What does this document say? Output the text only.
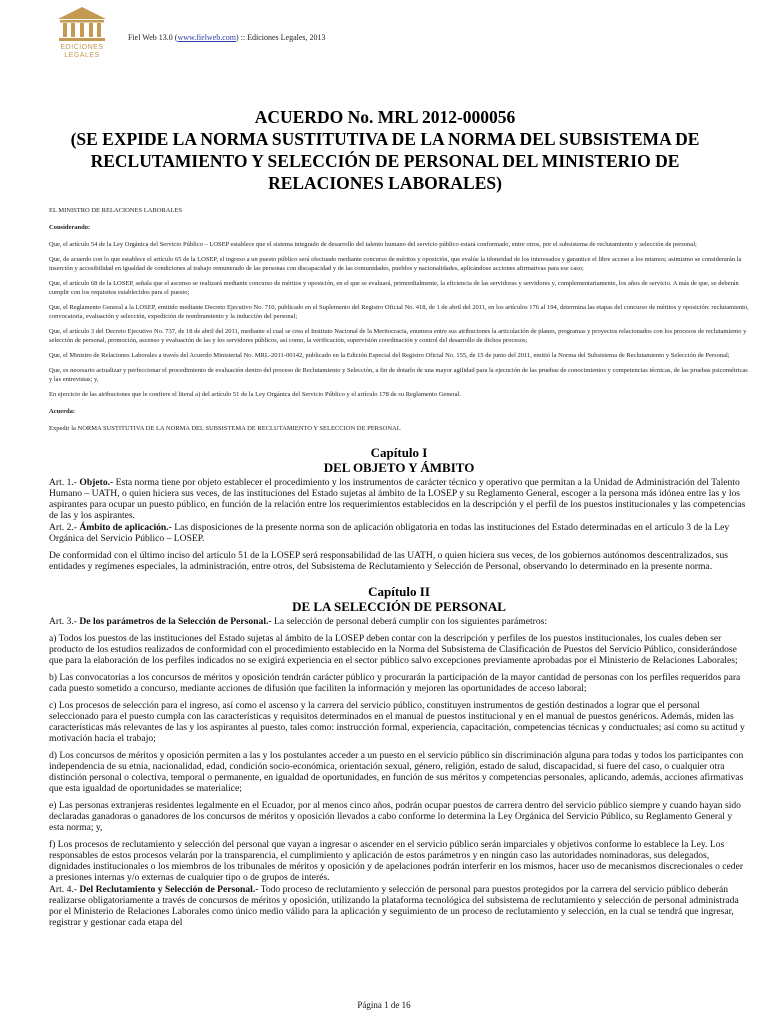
EDICIONES
LEGALES
Fiel Web 13.0 (www.fielweb.com) :: Ediciones Legales, 2013
ACUERDO No. MRL 2012-000056
(SE EXPIDE LA NORMA SUSTITUTIVA DE LA NORMA DEL SUBSISTEMA DE
RECLUTAMIENTO Y SELECCIÓN DE PERSONAL DEL MINISTERIO DE
RELACIONES LABORALES)

EL MINISTRO DE RELACIONES LABORALES

Considerando:

Que, el artículo 54 de la Ley Orgánica del Servicio Público – LOSEP establece que el sistema integrado de desarrollo del talento humano del servicio público estará conformado, entre otros, por el subsistema de reclutamiento y selección de personal;

Que, de acuerdo con lo que establece el artículo 65 de la LOSEP, el ingreso a un puesto público será efectuado mediante concurso de méritos y oposición, que evalúe la idoneidad de los interesados y garantice el libre acceso a los mismos; asimismo se considerarán la inserción y accesibilidad en igualdad de condiciones al trabajo remunerado de las personas con discapacidad y de las comunidades, pueblos y nacionalidades, aplicándose acciones afirmativas para ese caso;

Que, el artículo 68 de la LOSEP, señala que el ascenso se realizará mediante concurso de méritos y oposición, en el que se evaluará, primordialmente, la eficiencia de las servidoras y servidores y, complementariamente, los años de servicio. A más de que, se deberán cumplir con los requisitos establecidos para el puesto;

Que, el Reglamento General a la LOSEP, emitido mediante Decreto Ejecutivo No. 710, publicado en el Suplemento del Registro Oficial No. 418, de 1 de abril del 2011, en los artículos 176 al 194, determina las etapas del concurso de méritos y oposición: reclutamiento, convocatoria, evaluación y selección, expedición de nombramiento y la inducción del personal;

Que, el artículo 3 del Decreto Ejecutivo No. 737, de 18 de abril del 2011, mediante el cual se crea el Instituto Nacional de la Meritocracia, enumera entre sus atribuciones la articulación de planes, programas y proyectos relacionados con los procesos de reclutamiento y selección de personal, promoción, ascenso y evaluación de las y los servidores públicos, así como, la verificación, supervisión coordinación y control del desarrollo de dichos procesos;

Que, el Ministro de Relaciones Laborales a través del Acuerdo Ministerial No. MRL-2011-00142, publicado en la Edición Especial del Registro Oficial No. 155, de 15 de junio del 2011, emitió la Norma del Subsistema de Reclutamiento y Selección de Personal;

Que, es necesario actualizar y perfeccionar el procedimiento de evaluación dentro del proceso de Reclutamiento y Selección, a fin de dotarlo de una mayor agilidad para la ejecución de las pruebas de conocimientos y competencias técnicas, de las pruebas psicométricas y las entrevistas; y,

En ejercicio de las atribuciones que le confiere el literal a) del artículo 51 de la Ley Orgánica del Servicio Público y el artículo 178 de su Reglamento General.

Acuerda:

Expedir la NORMA SUSTITUTIVA DE LA NORMA DEL SUBSISTEMA DE RECLUTAMIENTO Y SELECCION DE PERSONAL

Capítulo I
DEL OBJETO Y ÁMBITO

Art. 1.- Objeto.- Esta norma tiene por objeto establecer el procedimiento y los instrumentos de carácter técnico y operativo que permitan a la Unidad de Administración del Talento Humano – UATH, o quien hiciera sus veces, de las instituciones del Estado sujetas al ámbito de la LOSEP y su Reglamento General, escoger a la persona más idónea entre las y los aspirantes para ocupar un puesto público, en función de la relación entre los requerimientos establecidos en la descripción y el perfil de los puestos institucionales y las competencias de las y los aspirantes.

Art. 2.- Ámbito de aplicación.- Las disposiciones de la presente norma son de aplicación obligatoria en todas las instituciones del Estado determinadas en el artículo 3 de la Ley Orgánica del Servicio Público – LOSEP.

De conformidad con el último inciso del artículo 51 de la LOSEP será responsabilidad de las UATH, o quien hiciera sus veces, de los gobiernos autónomos descentralizados, sus entidades y regímenes especiales, la administración, entre otros, del Subsistema de Reclutamiento y Selección de Personal, observando lo determinado en la presente norma.

Capítulo II
DE LA SELECCIÓN DE PERSONAL

Art. 3.- De los parámetros de la Selección de Personal.- La selección de personal deberá cumplir con los siguientes parámetros:

a) Todos los puestos de las instituciones del Estado sujetas al ámbito de la LOSEP deben contar con la descripción y perfiles de los puestos institucionales, los cuales deben ser producto de los estudios realizados de conformidad con el procedimiento establecido en la Norma del Subsistema de Clasificación de Puestos del Servicio Público, considerándose que para la elaboración de los perfiles indicados no se exigirá experiencia en el sector público salvo excepciones previamente aprobadas por el Ministerio de Relaciones Laborales;

b) Las convocatorias a los concursos de méritos y oposición tendrán carácter público y procurarán la participación de la mayor cantidad de personas con los perfiles requeridos para cada puesto sometido a concurso, mediante acciones de difusión que faciliten la información y mejoren las oportunidades de acceso laboral;

c) Los procesos de selección para el ingreso, así como el ascenso y la carrera del servicio público, constituyen instrumentos de gestión destinados a lograr que el personal seleccionado para el puesto cumpla con las características y requisitos determinados en el manual de puestos institucional y en el manual de puestos genéricos. Además, miden las características más relevantes de las y los aspirantes al puesto, tales como: instrucción formal, experiencia, capacitación, competencias técnicas y conductuales; así como su actitud y motivación hacia el trabajo;

d) Los concursos de méritos y oposición permiten a las y los postulantes acceder a un puesto en el servicio público sin discriminación alguna para todas y todos los participantes con independencia de su etnia, nacionalidad, edad, condición socio-económica, orientación sexual, género, religión, estado de salud, discapacidad, si fuere del caso, o cualquier otra distinción personal o colectiva, temporal o permanente, en igualdad de oportunidades, en función de sus méritos y competencias personales, aplicando, además, acciones afirmativas que esta igualdad de oportunidades se materialice;

e) Las personas extranjeras residentes legalmente en el Ecuador, por al menos cinco años, podrán ocupar puestos de carrera dentro del servicio público siempre y cuando hayan sido declaradas ganadoras o ganadores de los concursos de méritos y oposición llevados a cabo conforme lo determina la Ley Orgánica del Servicio Público, su Reglamento General y esta norma; y,

f) Los procesos de reclutamiento y selección del personal que vayan a ingresar o ascender en el servicio público serán imparciales y objetivos conforme lo establece la Ley. Los responsables de estos procesos velarán por la transparencia, el cumplimiento y aplicación de estos parámetros y en ningún caso las autoridades nominadoras, sus delegados, dignidades institucionales o los miembros de los tribunales de méritos y oposición y de apelaciones podrán interferir en los mismos, hacer uso de mecanismos discrecionales o ceder a presiones internas y/o externas de cualquier tipo o de grupos de interés.

Art. 4.- Del Reclutamiento y Selección de Personal.- Todo proceso de reclutamiento y selección de personal para puestos protegidos por la carrera del servicio público deberán realizarse obligatoriamente a través de concursos de méritos y oposición, utilizando la plataforma tecnológica del subsistema de reclutamiento y selección de personal administrada por el Ministerio de Relaciones Laborales como único medio válido para la aplicación y seguimiento de un proceso de reclutamiento y selección, en la cual se tendrá que ingresar, registrar y gestionar cada etapa del

Página 1 de 16
